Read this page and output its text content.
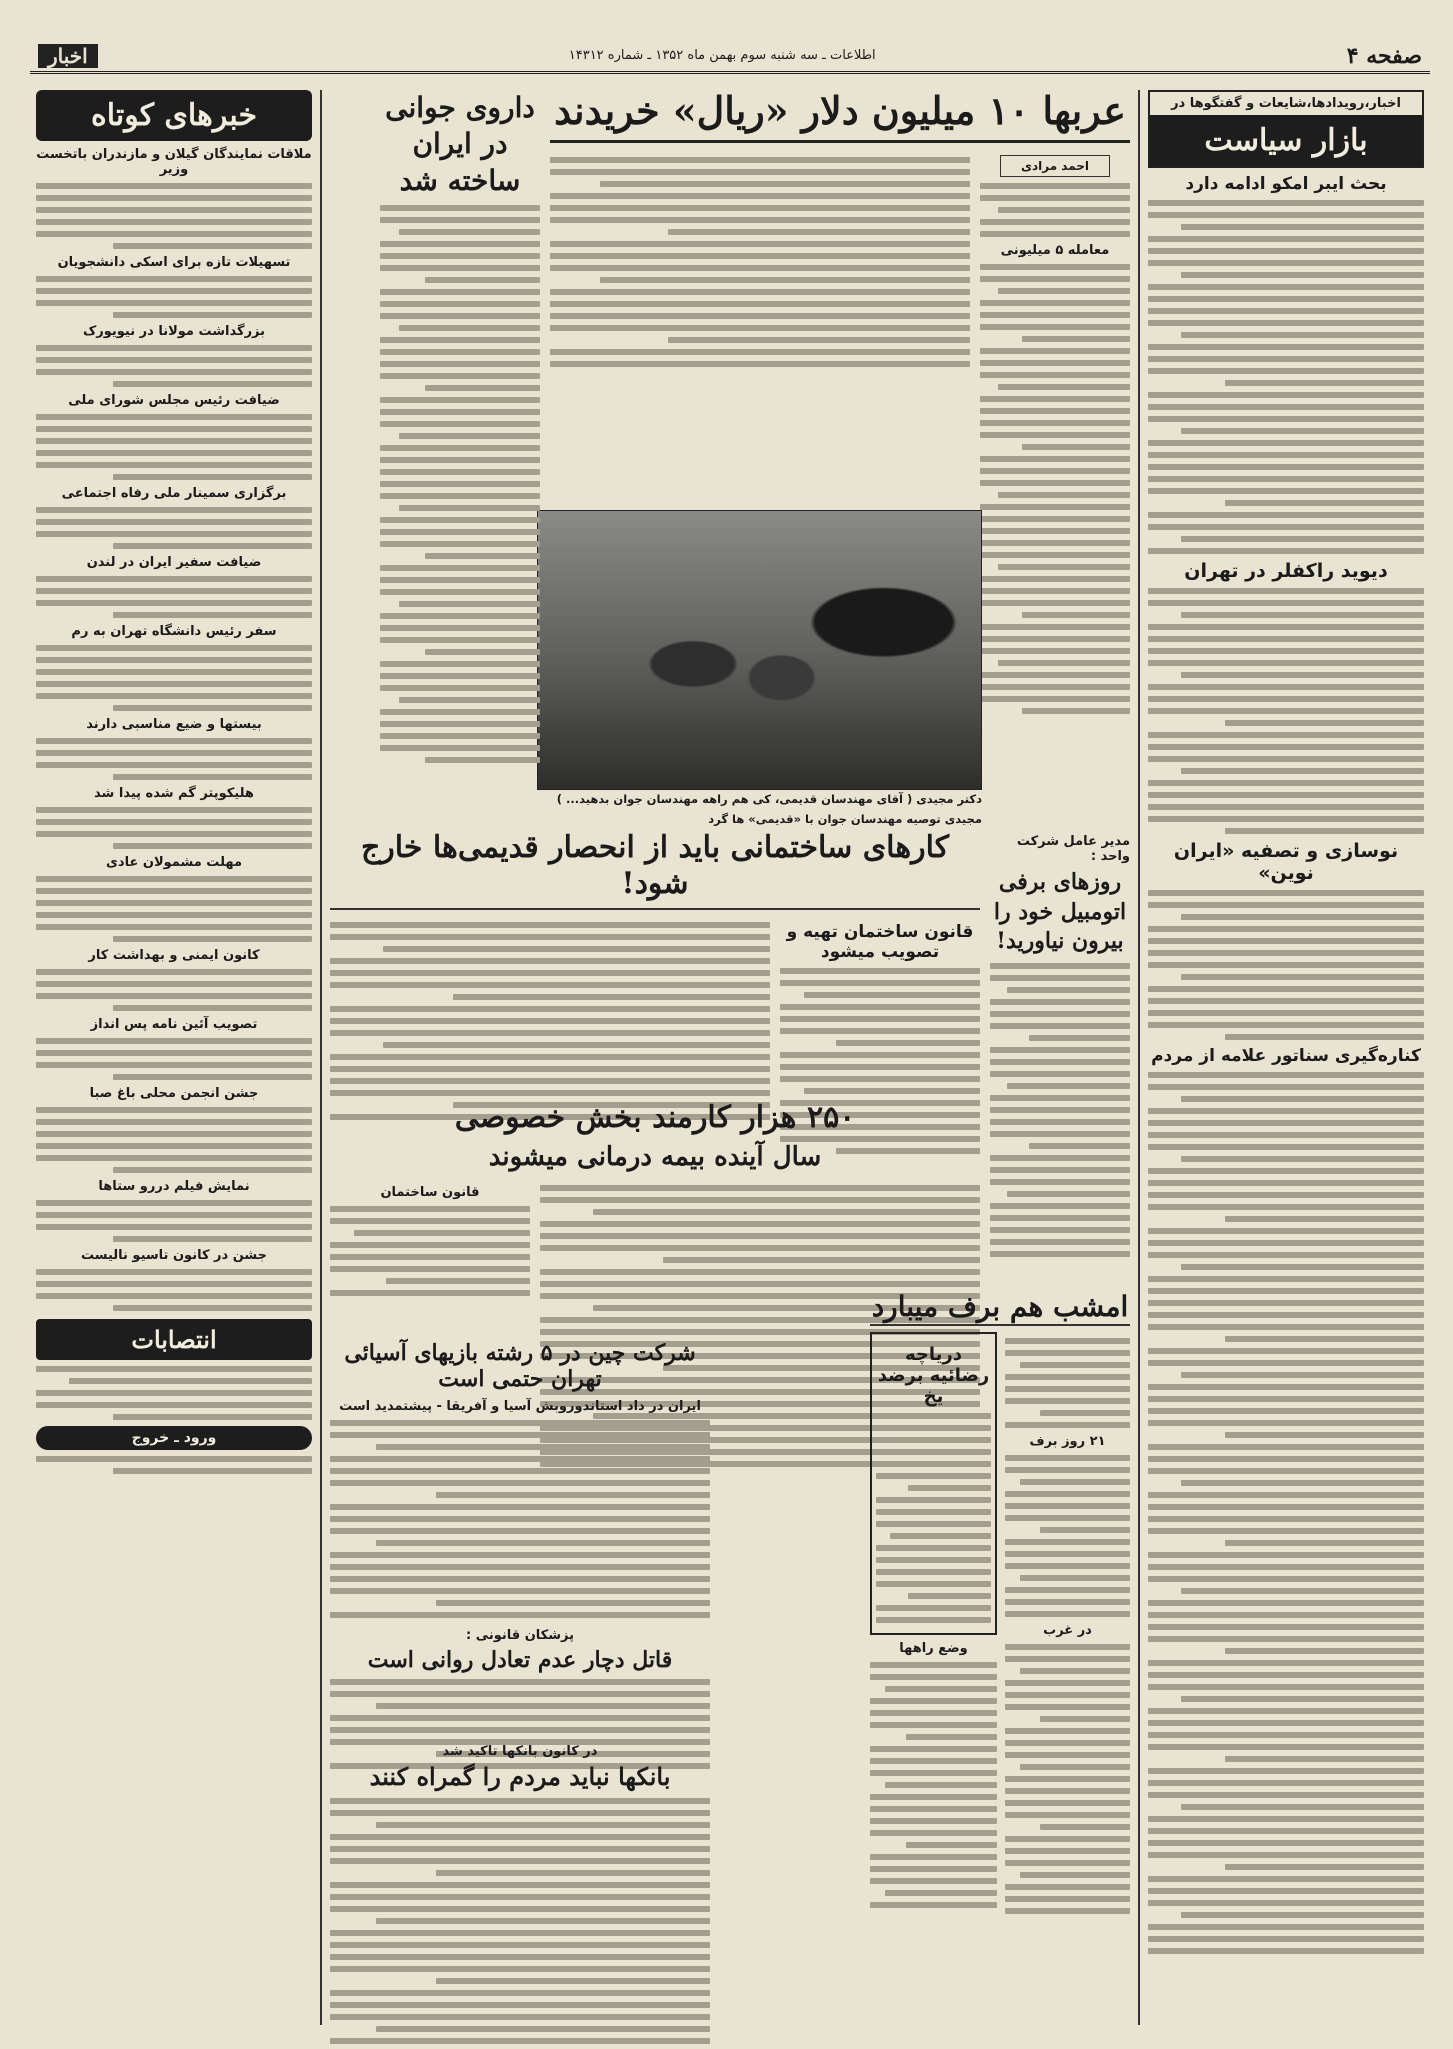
صفحه ۴
اطلاعات ـ سه شنبه سوم بهمن ماه ۱۳۵۲ ـ شماره ۱۴۳۱۲
اخبار
اخبار،رویدادها،شایعات و گفتگوها در
بازار سیاست
بحث ایبر امکو ادامه دارد
دیوید راکفلر در تهران
نوسازی و تصفیه «ایران نوین»
کناره‌گیری سناتور علامه از مردم
خبرهای کوتاه
ملاقات نمایندگان گیلان و مازندران باتخست وزیر
تسهیلات تازه برای اسکی دانشجویان
بزرگداشت مولانا در نیویورک
ضیافت رئیس مجلس شورای ملی
برگزاری سمینار ملی رفاه اجتماعی
ضیافت سفیر ایران در لندن
سفر رئیس دانشگاه تهران به رم
بیستها و ضیع مناسبی دارند
هلیکوپتر گم شده پیدا شد
مهلت مشمولان عادی
کانون ایمنی و بهداشت کار
تصویب آئین نامه پس انداز
جشن انجمن محلی باغ صبا
نمایش فیلم دررو ستاها
جشن در کانون تاسیو نالیست
انتصابات
ورود ـ خروج
عربها ۱۰ میلیون دلار «ریال» خریدند
احمد مرادی
معامله ۵ میلیونی
دکتر مجیدی ( آقای مهندسان قدیمی، کی هم راهه مهندسان جوان بدهید... )
مجیدی توصیه مهندسان جوان با «قدیمی» ها گرد
داروی جوانی در ایران ساخته شد
مدیر عامل شرکت واحد :
روزهای برفی اتومبیل خود را بیرون نیاورید!
کارهای ساختمانی باید از انحصار قدیمی‌ها خارج شود!
قانون ساختمان تهیه و تصویب میشود
۲۵۰ هزار کارمند بخش خصوصی
سال آینده بیمه درمانی میشوند
قانون ساختمان
امشب هم برف میبارد
۲۱ روز برف
در غرب
دریاچه رضائیه برضد یخ
وضع راهها
شرکت چین در ۵ رشته بازیهای آسیائی تهران حتمی است
ایران در داد استاندوروبش آسیا و آفریقا - پیشتمدید است
پزشکان قانونی :
قاتل دچار عدم تعادل روانی است
در کانون بانکها تاکید شد
بانکها نباید مردم را گمراه کنند
